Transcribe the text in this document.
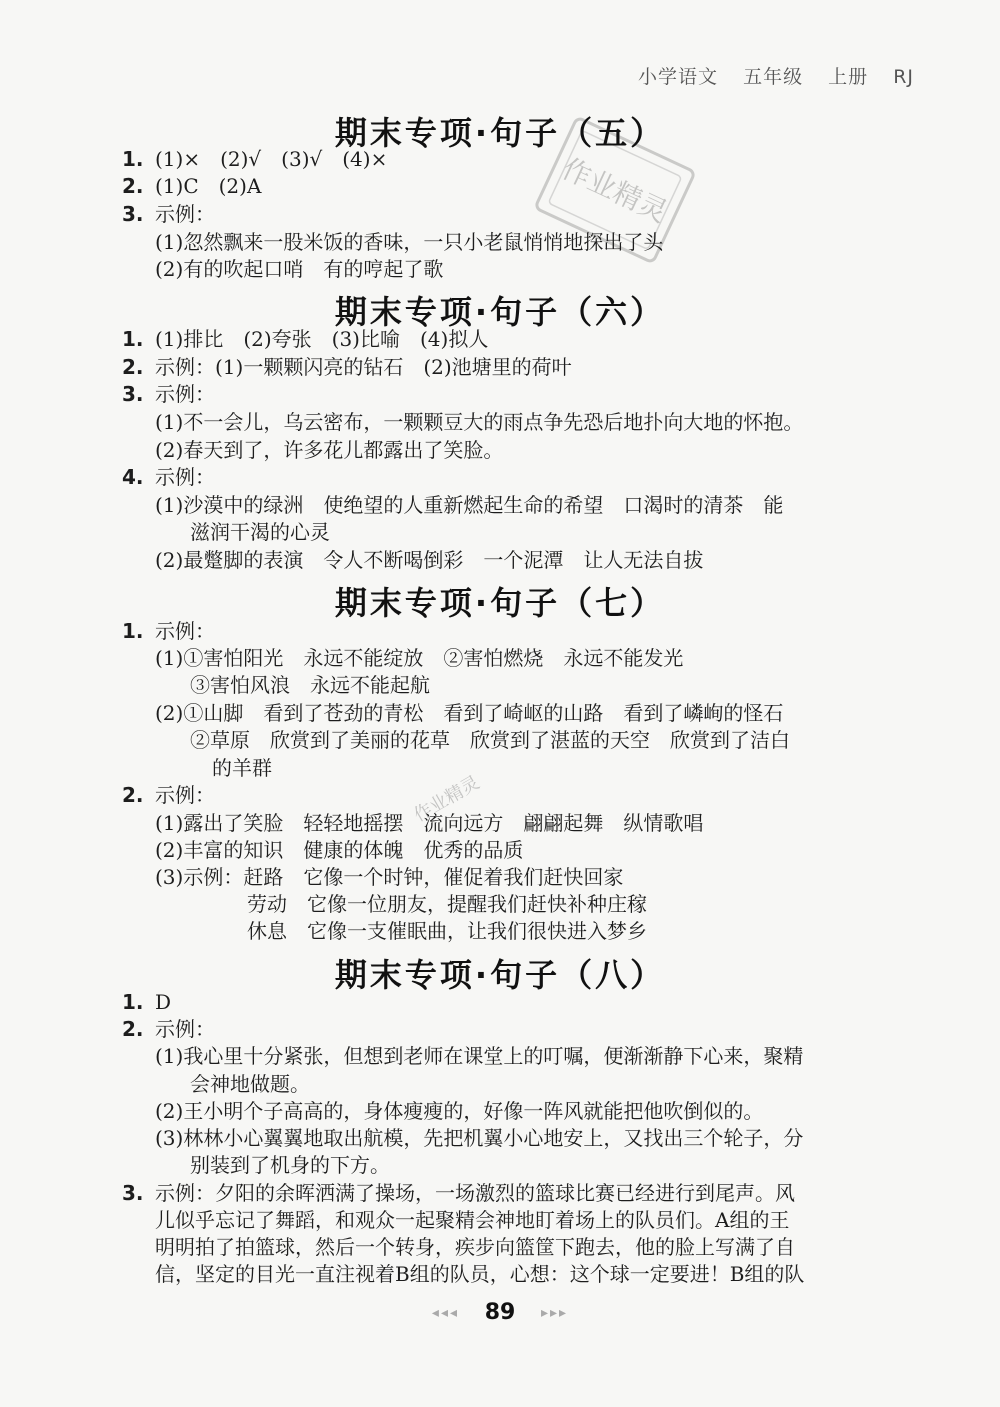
小学语文 五年级 上册 RJ
作业精灵
作业精灵
期末专项·句子（五）
1. (1)×　(2)√　(3)√　(4)×
2. (1)C　(2)A
3. 示例：
(1)忽然飘来一股米饭的香味，一只小老鼠悄悄地探出了头
(2)有的吹起口哨　有的哼起了歌
期末专项·句子（六）
1. (1)排比　(2)夸张　(3)比喻　(4)拟人
2. 示例：(1)一颗颗闪亮的钻石　(2)池塘里的荷叶
3. 示例：
(1)不一会儿，乌云密布，一颗颗豆大的雨点争先恐后地扑向大地的怀抱。
(2)春天到了，许多花儿都露出了笑脸。
4. 示例：
(1)沙漠中的绿洲　使绝望的人重新燃起生命的希望　口渴时的清茶　能
滋润干渴的心灵
(2)最蹩脚的表演　令人不断喝倒彩　一个泥潭　让人无法自拔
期末专项·句子（七）
1. 示例：
(1)①害怕阳光　永远不能绽放　②害怕燃烧　永远不能发光
③害怕风浪　永远不能起航
(2)①山脚　看到了苍劲的青松　看到了崎岖的山路　看到了嶙峋的怪石
②草原　欣赏到了美丽的花草　欣赏到了湛蓝的天空　欣赏到了洁白
的羊群
2. 示例：
(1)露出了笑脸　轻轻地摇摆　流向远方　翩翩起舞　纵情歌唱
(2)丰富的知识　健康的体魄　优秀的品质
(3)示例：赶路　它像一个时钟，催促着我们赶快回家
劳动　它像一位朋友，提醒我们赶快补种庄稼
休息　它像一支催眠曲，让我们很快进入梦乡
期末专项·句子（八）
1. D
2. 示例：
(1)我心里十分紧张，但想到老师在课堂上的叮嘱，便渐渐静下心来，聚精
会神地做题。
(2)王小明个子高高的，身体瘦瘦的，好像一阵风就能把他吹倒似的。
(3)林林小心翼翼地取出航模，先把机翼小心地安上，又找出三个轮子，分
别装到了机身的下方。
3. 示例：夕阳的余晖洒满了操场，一场激烈的篮球比赛已经进行到尾声。风
儿似乎忘记了舞蹈，和观众一起聚精会神地盯着场上的队员们。A组的王
明明拍了拍篮球，然后一个转身，疾步向篮筐下跑去，他的脸上写满了自
信，坚定的目光一直注视着B组的队员，心想：这个球一定要进！B组的队
◂◂◂ 89 ▸▸▸
